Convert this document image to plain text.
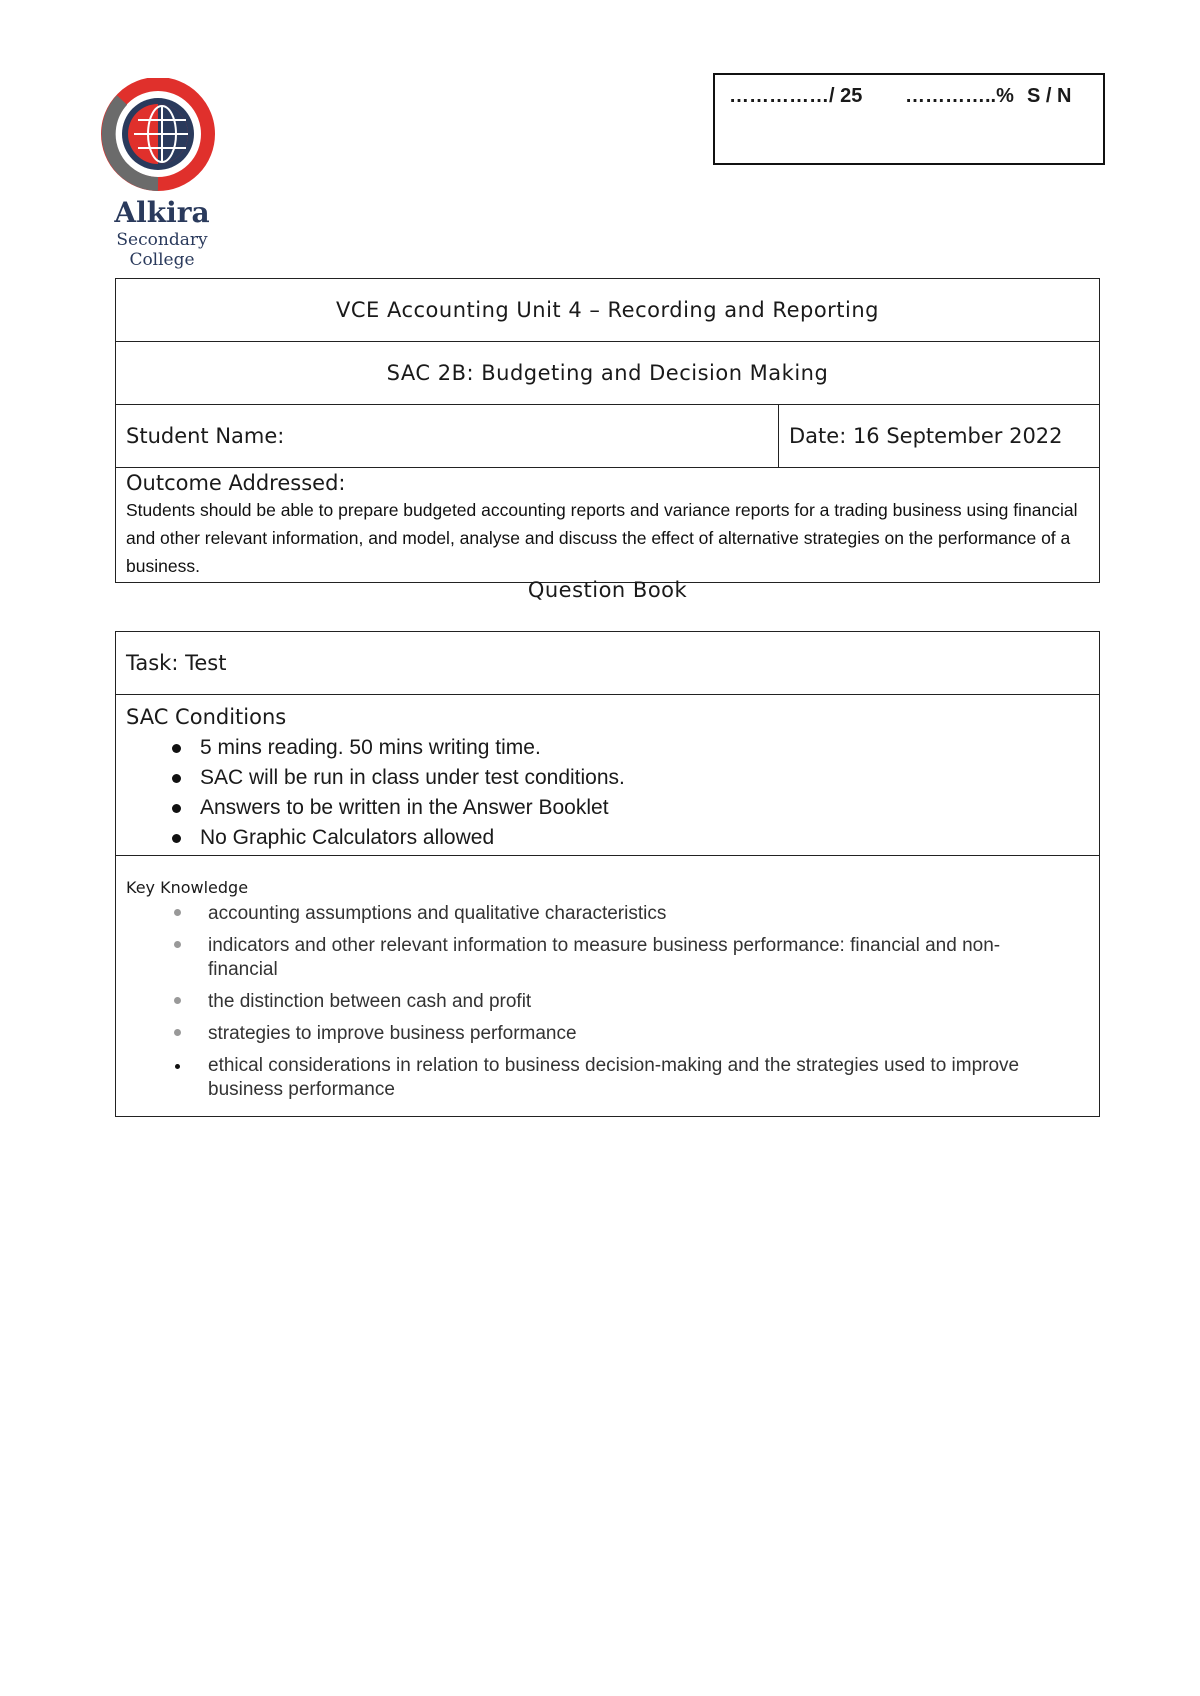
Alkira
Secondary College
……………/ 25 …………..% S / N
VCE Accounting Unit 4 – Recording and Reporting
SAC 2B: Budgeting and Decision Making
Student Name:	Date: 16 September 2022

Outcome Addressed:
Students should be able to prepare budgeted accounting reports and variance reports for a trading business using financial and other relevant information, and model, analyse and discuss the effect of alternative strategies on the performance of a business.
Question Book
Task: Test

SAC Conditions
5 mins reading. 50 mins writing time.
SAC will be run in class under test conditions.
Answers to be written in the Answer Booklet
No Graphic Calculators allowed

Key Knowledge
accounting assumptions and qualitative characteristics
indicators and other relevant information to measure business performance: financial and non-financial
the distinction between cash and profit
strategies to improve business performance
ethical considerations in relation to business decision-making and the strategies used to improve business performance
